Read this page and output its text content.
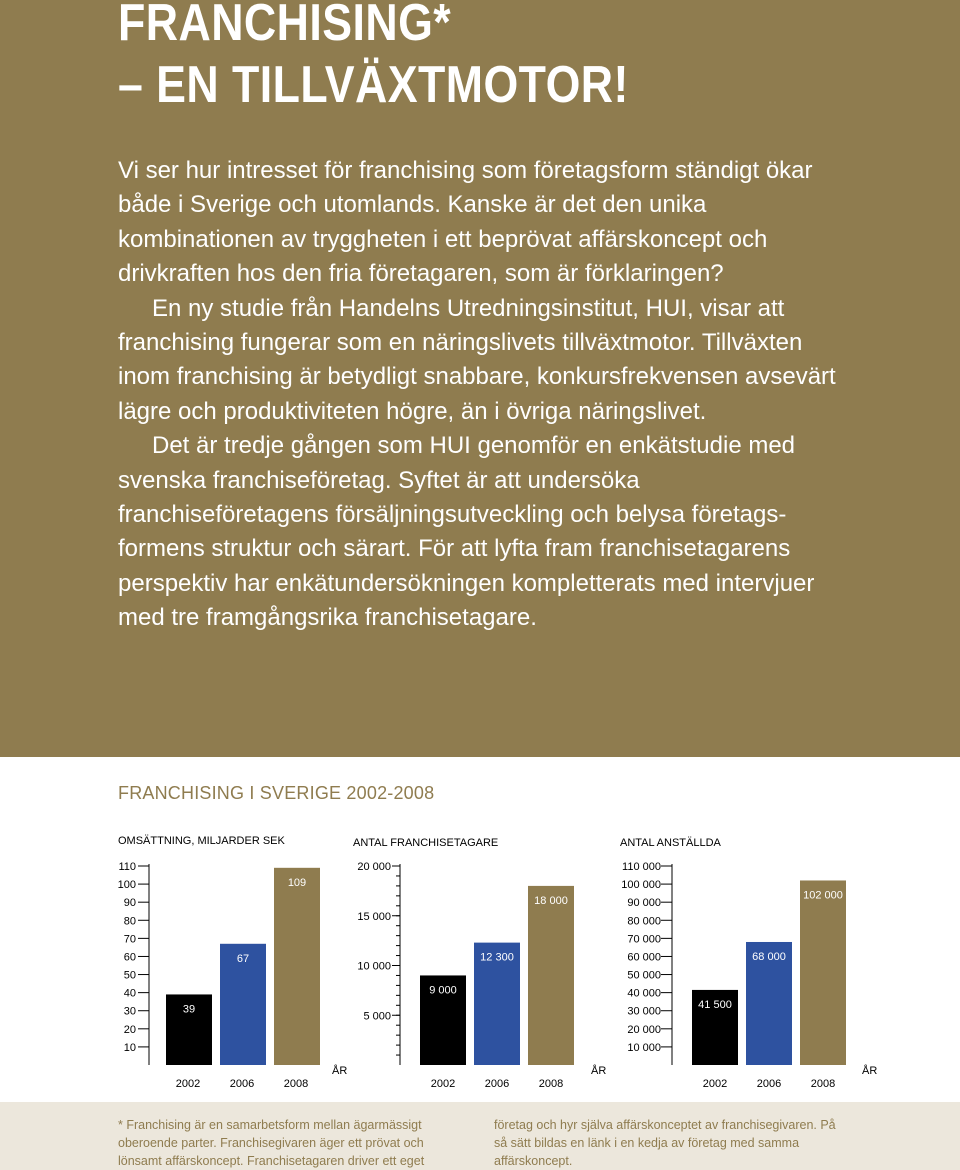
FRANCHISING*
– EN TILLVÄXTMOTOR!

Vi ser hur intresset för franchising som företagsform ständigt ökar både i Sverige och utomlands. Kanske är det den unika kombinationen av tryggheten i ett beprövat affärskoncept och drivkraften hos den fria företagaren, som är förklaringen?

En ny studie från Handelns Utredningsinstitut, HUI, visar att franchising fungerar som en näringslivets tillväxtmotor. Tillväxten inom franchising är betydligt snabbare, konkursfrekvensen avsevärt lägre och produktiviteten högre, än i övriga näringslivet.

Det är tredje gången som HUI genomför en enkätstudie med svenska franchiseföretag. Syftet är att undersöka franchiseföretagens försäljningsutveckling och belysa företagsformens struktur och särart. För att lyfta fram franchisetagarens perspektiv har enkätundersökningen kompletterats med intervjuer med tre framgångsrika franchisetagare.

FRANCHISING I SVERIGE 2002-2008
OMSÄTTNING, MILJARDER SEK
10
20
30
40
50
60
70
80
90
100
110
39
2002
67
2006
109
2008
ÅR
ANTAL FRANCHISETAGARE
5 000
10 000
15 000
20 000
9 000
2002
12 300
2006
18 000
2008
ÅR
ANTAL ANSTÄLLDA
10 000
20 000
30 000
40 000
50 000
60 000
70 000
80 000
90 000
100 000
110 000
41 500
2002
68 000
2006
102 000
2008
ÅR

* Franchising är en samarbetsform mellan ägarmässigt oberoende parter. Franchisegivaren äger ett prövat och lönsamt affärskoncept. Franchisetagaren driver ett eget

företag och hyr själva affärskonceptet av franchisegivaren. På så sätt bildas en länk i en kedja av företag med samma affärskoncept.
